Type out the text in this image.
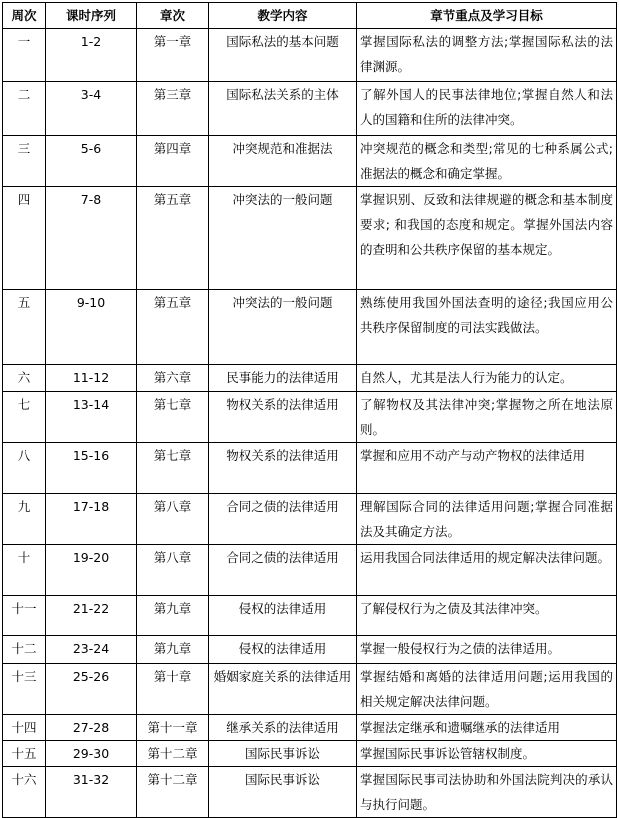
周次	课时序列	章次	教学内容	章节重点及学习目标
一	1-2	第一章	国际私法的基本问题	掌握国际私法的调整方法;掌握国际私法的法律渊源。
二	3-4	第三章	国际私法关系的主体	了解外国人的民事法律地位;掌握自然人和法人的国籍和住所的法律冲突。
三	5-6	第四章	冲突规范和准据法	冲突规范的概念和类型;常见的七种系属公式; 准据法的概念和确定掌握。
四	7-8	第五章	冲突法的一般问题	掌握识别、反致和法律规避的概念和基本制度要求; 和我国的态度和规定。掌握外国法内容的查明和公共秩序保留的基本规定。
五	9-10	第五章	冲突法的一般问题	熟练使用我国外国法查明的途径;我国应用公共秩序保留制度的司法实践做法。
六	11-12	第六章	民事能力的法律适用	自然人，尤其是法人行为能力的认定。
七	13-14	第七章	物权关系的法律适用	了解物权及其法律冲突;掌握物之所在地法原则。
八	15-16	第七章	物权关系的法律适用	掌握和应用不动产与动产物权的法律适用
九	17-18	第八章	合同之债的法律适用	理解国际合同的法律适用问题;掌握合同准据法及其确定方法。
十	19-20	第八章	合同之债的法律适用	运用我国合同法律适用的规定解决法律问题。
十一	21-22	第九章	侵权的法律适用	了解侵权行为之债及其法律冲突。
十二	23-24	第九章	侵权的法律适用	掌握一般侵权行为之债的法律适用。
十三	25-26	第十章	婚姻家庭关系的法律适用	掌握结婚和离婚的法律适用问题;运用我国的相关规定解决法律问题。
十四	27-28	第十一章	继承关系的法律适用	掌握法定继承和遗嘱继承的法律适用
十五	29-30	第十二章	国际民事诉讼	掌握国际民事诉讼管辖权制度。
十六	31-32	第十二章	国际民事诉讼	掌握国际民事司法协助和外国法院判决的承认与执行问题。
